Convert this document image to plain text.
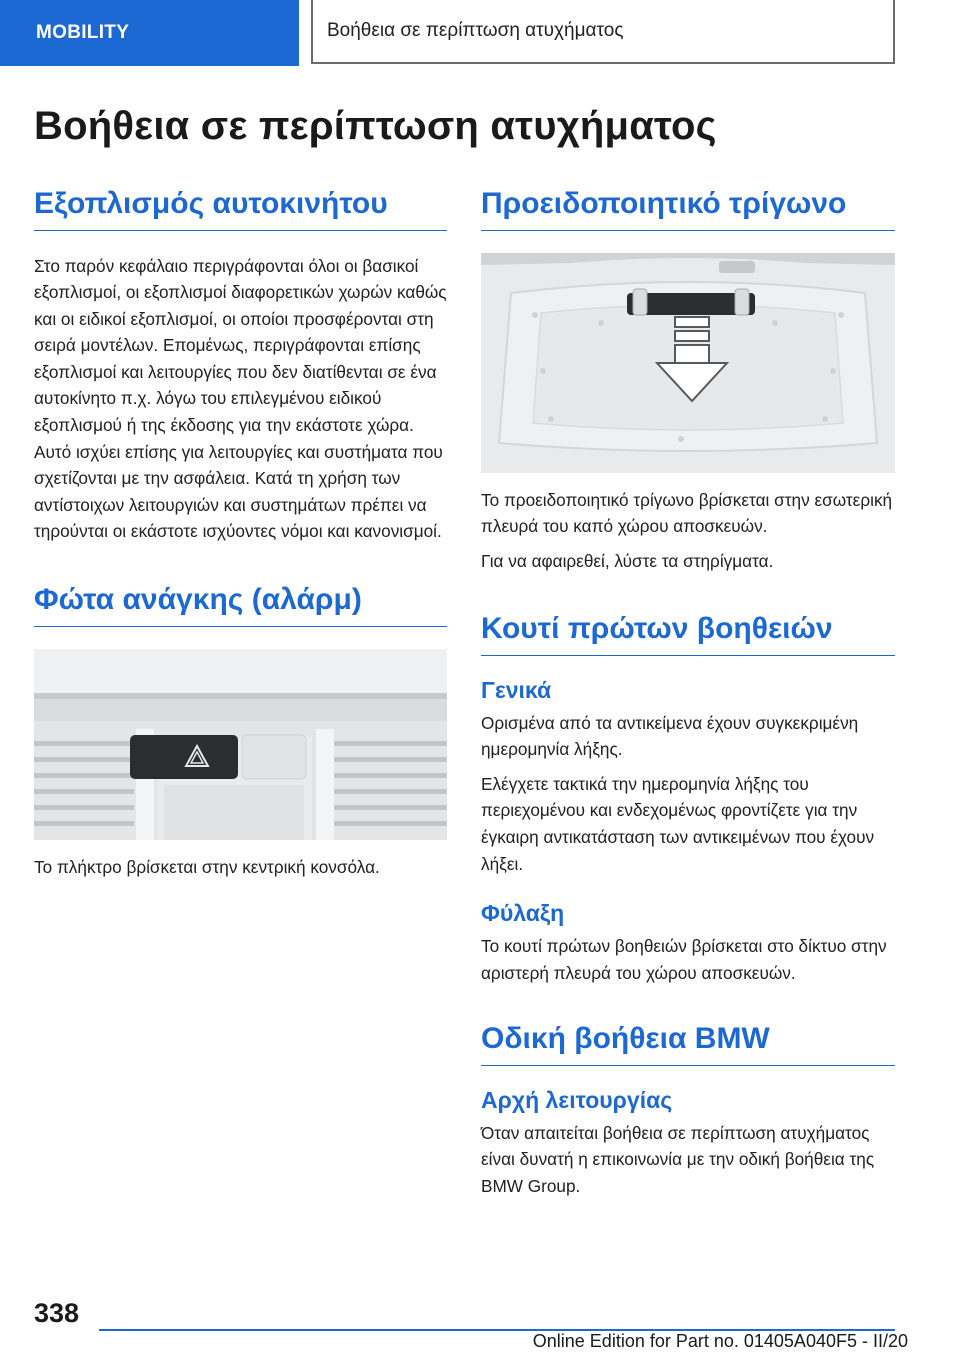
MOBILITY	Βοήθεια σε περίπτωση ατυχήματος
Βοήθεια σε περίπτωση ατυχήματος
Εξοπλισμός αυτοκινήτου

Στο παρόν κεφάλαιο περιγράφονται όλοι οι βασικοί εξοπλισμοί, οι εξοπλισμοί διαφορετικών χωρών καθώς και οι ειδικοί εξοπλισμοί, οι οποίοι προσφέρονται στη σειρά μοντέλων. Επομένως, περιγράφονται επίσης εξοπλισμοί και λειτουργίες που δεν διατίθενται σε ένα αυτοκίνητο π.χ. λόγω του επιλεγμένου ειδικού εξοπλισμού ή της έκδοσης για την εκάστοτε χώρα. Αυτό ισχύει επίσης για λειτουργίες και συστήματα που σχετίζονται με την ασφάλεια. Κατά τη χρήση των αντίστοιχων λειτουργιών και συστημάτων πρέπει να τηρούνται οι εκάστοτε ισχύοντες νόμοι και κανονισμοί.

Φώτα ανάγκης (αλάρμ)

Το πλήκτρο βρίσκεται στην κεντρική κονσόλα.

Προειδοποιητικό τρίγωνο

Το προειδοποιητικό τρίγωνο βρίσκεται στην εσωτερική πλευρά του καπό χώρου αποσκευών.

Για να αφαιρεθεί, λύστε τα στηρίγματα.

Κουτί πρώτων βοηθειών
Γενικά

Ορισμένα από τα αντικείμενα έχουν συγκεκριμένη ημερομηνία λήξης.

Ελέγχετε τακτικά την ημερομηνία λήξης του περιεχομένου και ενδεχομένως φροντίζετε για την έγκαιρη αντικατάσταση των αντικειμένων που έχουν λήξει.

Φύλαξη

Το κουτί πρώτων βοηθειών βρίσκεται στο δίκτυο στην αριστερή πλευρά του χώρου αποσκευών.

Οδική βοήθεια BMW
Αρχή λειτουργίας

Όταν απαιτείται βοήθεια σε περίπτωση ατυχήματος είναι δυνατή η επικοινωνία με την οδική βοήθεια της BMW Group.

338
Online Edition for Part no. 01405A040F5 - II/20
